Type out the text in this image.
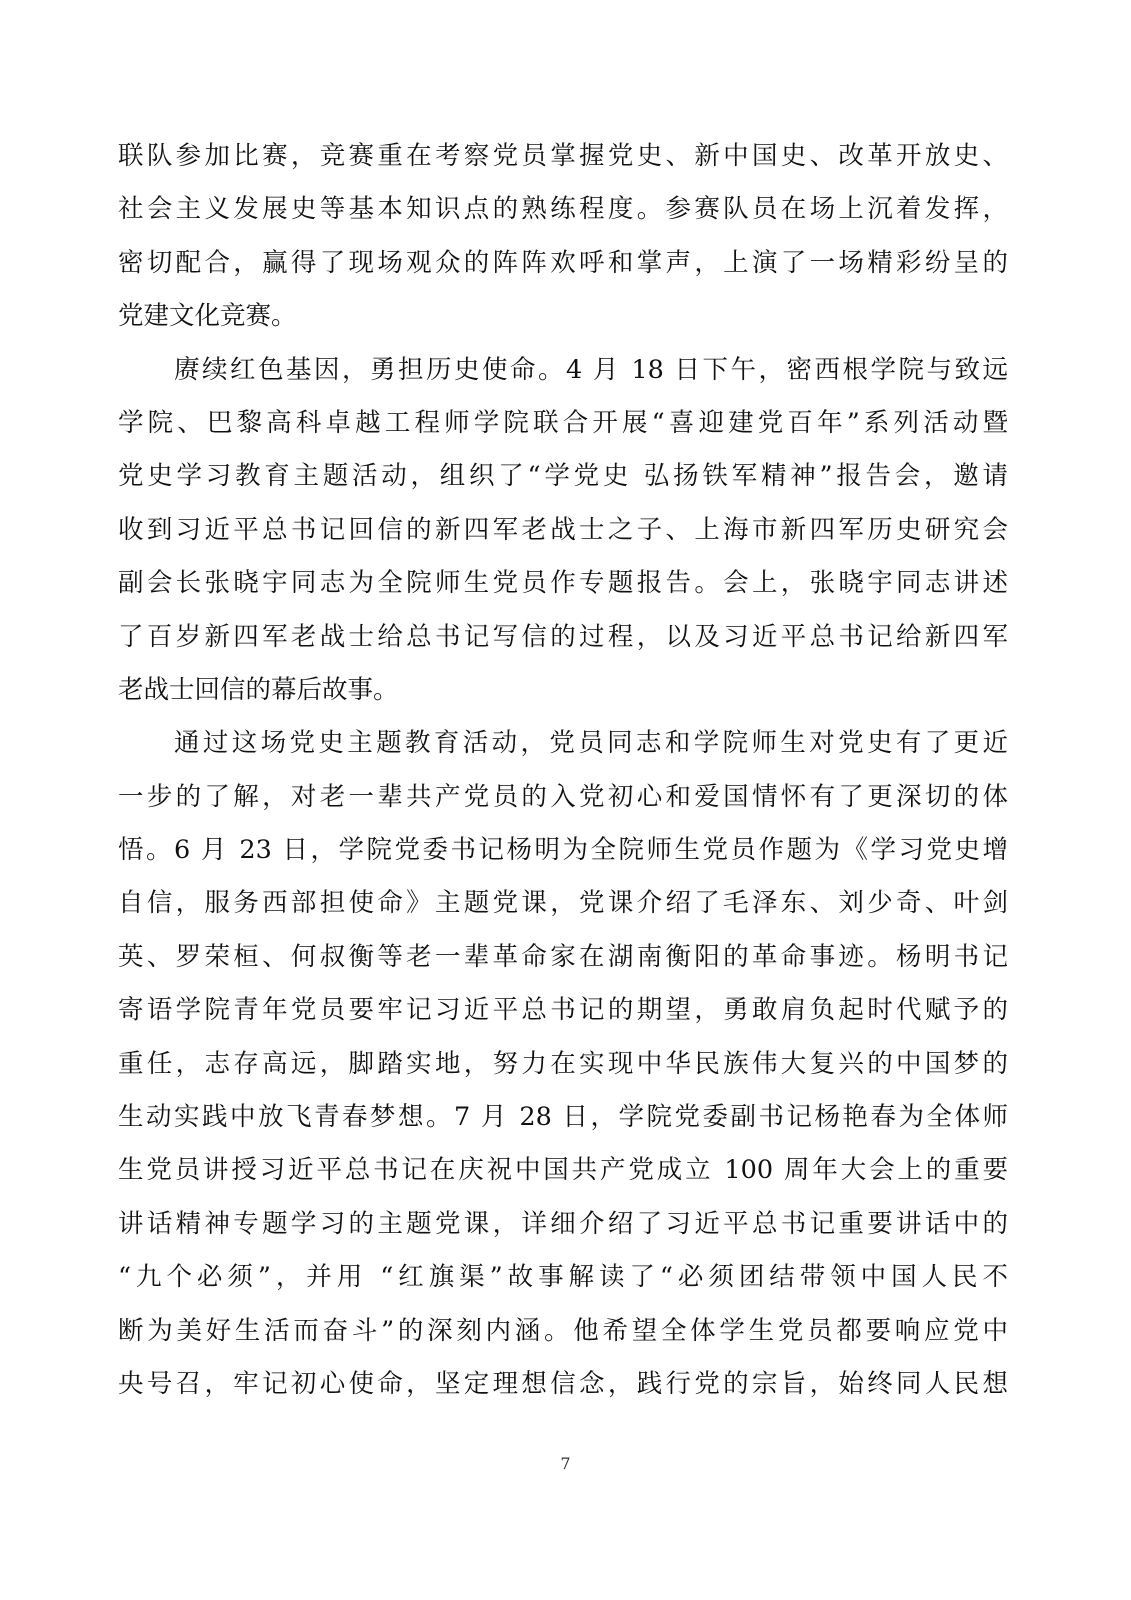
联队参加比赛，竞赛重在考察党员掌握党史、新中国史、改革开放史、
社会主义发展史等基本知识点的熟练程度。参赛队员在场上沉着发挥，
密切配合，赢得了现场观众的阵阵欢呼和掌声，上演了一场精彩纷呈的
党建文化竞赛。
赓续红色基因，勇担历史使命。4 月 18 日下午，密西根学院与致远
学院、巴黎高科卓越工程师学院联合开展“喜迎建党百年”系列活动暨
党史学习教育主题活动，组织了“学党史 弘扬铁军精神”报告会，邀请
收到习近平总书记回信的新四军老战士之子、上海市新四军历史研究会
副会长张晓宇同志为全院师生党员作专题报告。会上，张晓宇同志讲述
了百岁新四军老战士给总书记写信的过程，以及习近平总书记给新四军
老战士回信的幕后故事。
通过这场党史主题教育活动，党员同志和学院师生对党史有了更近
一步的了解，对老一辈共产党员的入党初心和爱国情怀有了更深切的体
悟。6 月 23 日，学院党委书记杨明为全院师生党员作题为《学习党史增
自信，服务西部担使命》主题党课，党课介绍了毛泽东、刘少奇、叶剑
英、罗荣桓、何叔衡等老一辈革命家在湖南衡阳的革命事迹。杨明书记
寄语学院青年党员要牢记习近平总书记的期望，勇敢肩负起时代赋予的
重任，志存高远，脚踏实地，努力在实现中华民族伟大复兴的中国梦的
生动实践中放飞青春梦想。7 月 28 日，学院党委副书记杨艳春为全体师
生党员讲授习近平总书记在庆祝中国共产党成立 100 周年大会上的重要
讲话精神专题学习的主题党课，详细介绍了习近平总书记重要讲话中的
“九个必须”，并用 “红旗渠”故事解读了“必须团结带领中国人民不
断为美好生活而奋斗”的深刻内涵。他希望全体学生党员都要响应党中
央号召，牢记初心使命，坚定理想信念，践行党的宗旨，始终同人民想
7
